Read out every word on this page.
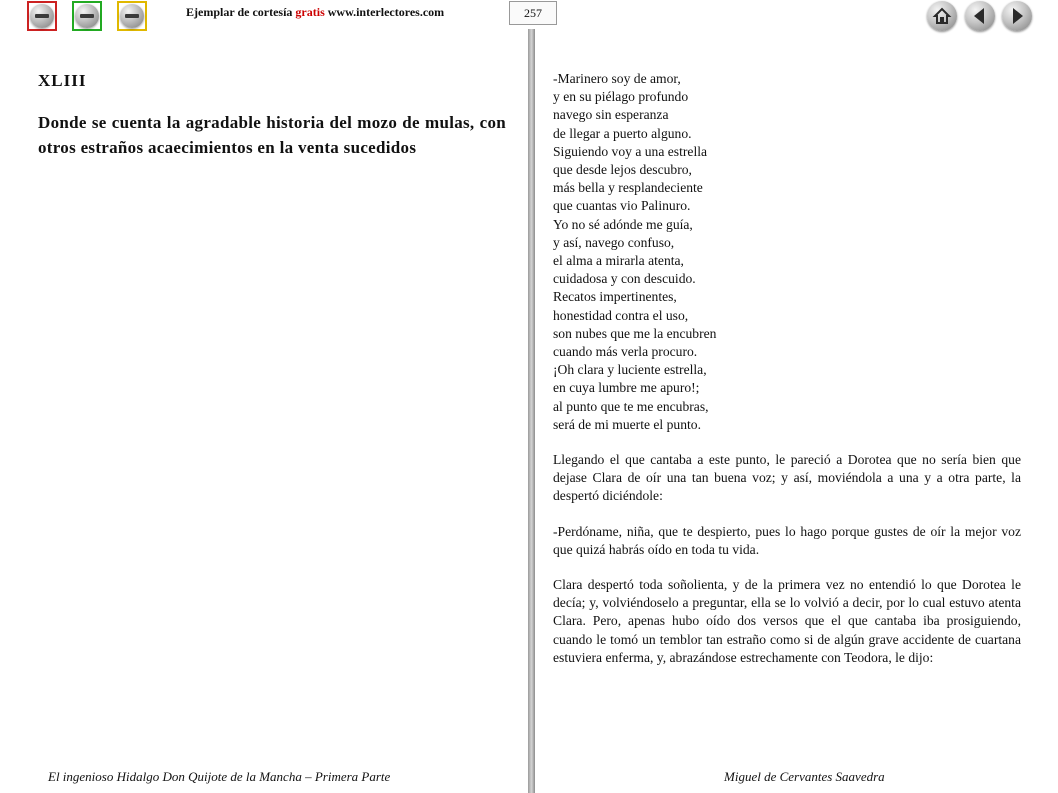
Ejemplar de cortesía gratis www.interlectores.com	257
XLIII
Donde se cuenta la agradable historia del mozo de mulas, con otros estraños acaecimientos en la venta sucedidos
-Marinero soy de amor,
y en su piélago profundo
navego sin esperanza
de llegar a puerto alguno.
Siguiendo voy a una estrella
que desde lejos descubro,
más bella y resplandeciente
que cuantas vio Palinuro.
Yo no sé adónde me guía,
y así, navego confuso,
el alma a mirarla atenta,
cuidadosa y con descuido.
Recatos impertinentes,
honestidad contra el uso,
son nubes que me la encubren
cuando más verla procuro.
¡Oh clara y luciente estrella,
en cuya lumbre me apuro!;
al punto que te me encubras,
será de mi muerte el punto.
Llegando el que cantaba a este punto, le pareció a Dorotea que no sería bien que dejase Clara de oír una tan buena voz; y así, moviéndola a una y a otra parte, la despertó diciéndole:
-Perdóname, niña, que te despierto, pues lo hago porque gustes de oír la mejor voz que quizá habrás oído en toda tu vida.
Clara despertó toda soñolienta, y de la primera vez no entendió lo que Dorotea le decía; y, volviéndoselo a preguntar, ella se lo volvió a decir, por lo cual estuvo atenta Clara. Pero, apenas hubo oído dos versos que el que cantaba iba prosiguiendo, cuando le tomó un temblor tan estraño como si de algún grave accidente de cuartana estuviera enferma, y, abrazándose estrechamente con Teodora, le dijo:
El ingenioso Hidalgo Don Quijote de la Mancha – Primera Parte	Miguel de Cervantes Saavedra
